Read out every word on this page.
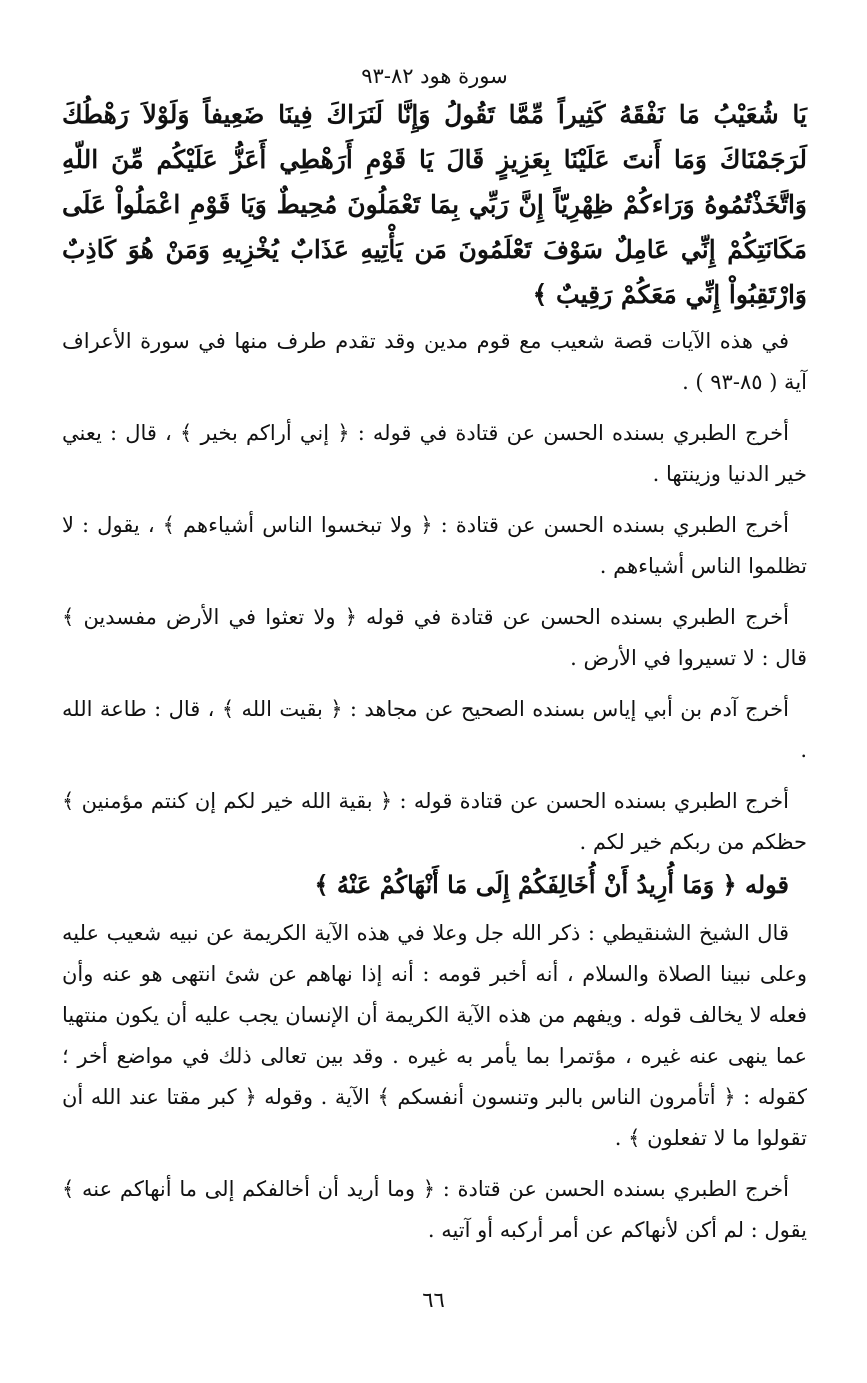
سورة هود ٨٢-٩٣
يَا شُعَيْبُ مَا نَفْقَهُ كَثِيراً مِّمَّا تَقُولُ وَإِنَّا لَنَرَاكَ فِينَا ضَعِيفاً وَلَوْلاَ رَهْطُكَ لَرَجَمْنَاكَ وَمَا أَنتَ عَلَيْنَا بِعَزِيزٍ قَالَ يَا قَوْمِ أَرَهْطِي أَعَزُّ عَلَيْكُم مِّنَ اللّهِ وَاتَّخَذْتُمُوهُ وَرَاءكُمْ ظِهْرِيّاً إِنَّ رَبِّي بِمَا تَعْمَلُونَ مُحِيطٌ وَيَا قَوْمِ اعْمَلُواْ عَلَى مَكَانَتِكُمْ إِنِّي عَامِلٌ سَوْفَ تَعْلَمُونَ مَن يَأْتِيهِ عَذَابٌ يُخْزِيهِ وَمَنْ هُوَ كَاذِبٌ وَارْتَقِبُواْ إِنِّي مَعَكُمْ رَقِيبٌ ﴾

في هذه الآيات قصة شعيب مع قوم مدين وقد تقدم طرف منها في سورة الأعراف آية ( ٨٥-٩٣ ) .

أخرج الطبري بسنده الحسن عن قتادة في قوله : ﴿ إني أراكم بخير ﴾ ، قال : يعني خير الدنيا وزينتها .

أخرج الطبري بسنده الحسن عن قتادة : ﴿ ولا تبخسوا الناس أشياءهم ﴾ ، يقول : لا تظلموا الناس أشياءهم .

أخرج الطبري بسنده الحسن عن قتادة في قوله ﴿ ولا تعثوا في الأرض مفسدين ﴾ قال : لا تسيروا في الأرض .

أخرج آدم بن أبي إياس بسنده الصحيح عن مجاهد : ﴿ بقيت الله ﴾ ، قال : طاعة الله .

أخرج الطبري بسنده الحسن عن قتادة قوله : ﴿ بقية الله خير لكم إن كنتم مؤمنين ﴾ حظكم من ربكم خير لكم .

قوله ﴿ وَمَا أُرِيدُ أَنْ أُخَالِفَكُمْ إِلَى مَا أَنْهَاكُمْ عَنْهُ ﴾

قال الشيخ الشنقيطي : ذكر الله جل وعلا في هذه الآية الكريمة عن نبيه شعيب عليه وعلى نبينا الصلاة والسلام ، أنه أخبر قومه : أنه إذا نهاهم عن شئ انتهى هو عنه وأن فعله لا يخالف قوله . ويفهم من هذه الآية الكريمة أن الإنسان يجب عليه أن يكون منتهيا عما ينهى عنه غيره ، مؤتمرا بما يأمر به غيره . وقد بين تعالى ذلك في مواضع أخر ؛ كقوله : ﴿ أتأمرون الناس بالبر وتنسون أنفسكم ﴾ الآية . وقوله ﴿ كبر مقتا عند الله أن تقولوا ما لا تفعلون ﴾ .

أخرج الطبري بسنده الحسن عن قتادة : ﴿ وما أريد أن أخالفكم إلى ما أنهاكم عنه ﴾ يقول : لم أكن لأنهاكم عن أمر أركبه أو آتيه .

٦٦
